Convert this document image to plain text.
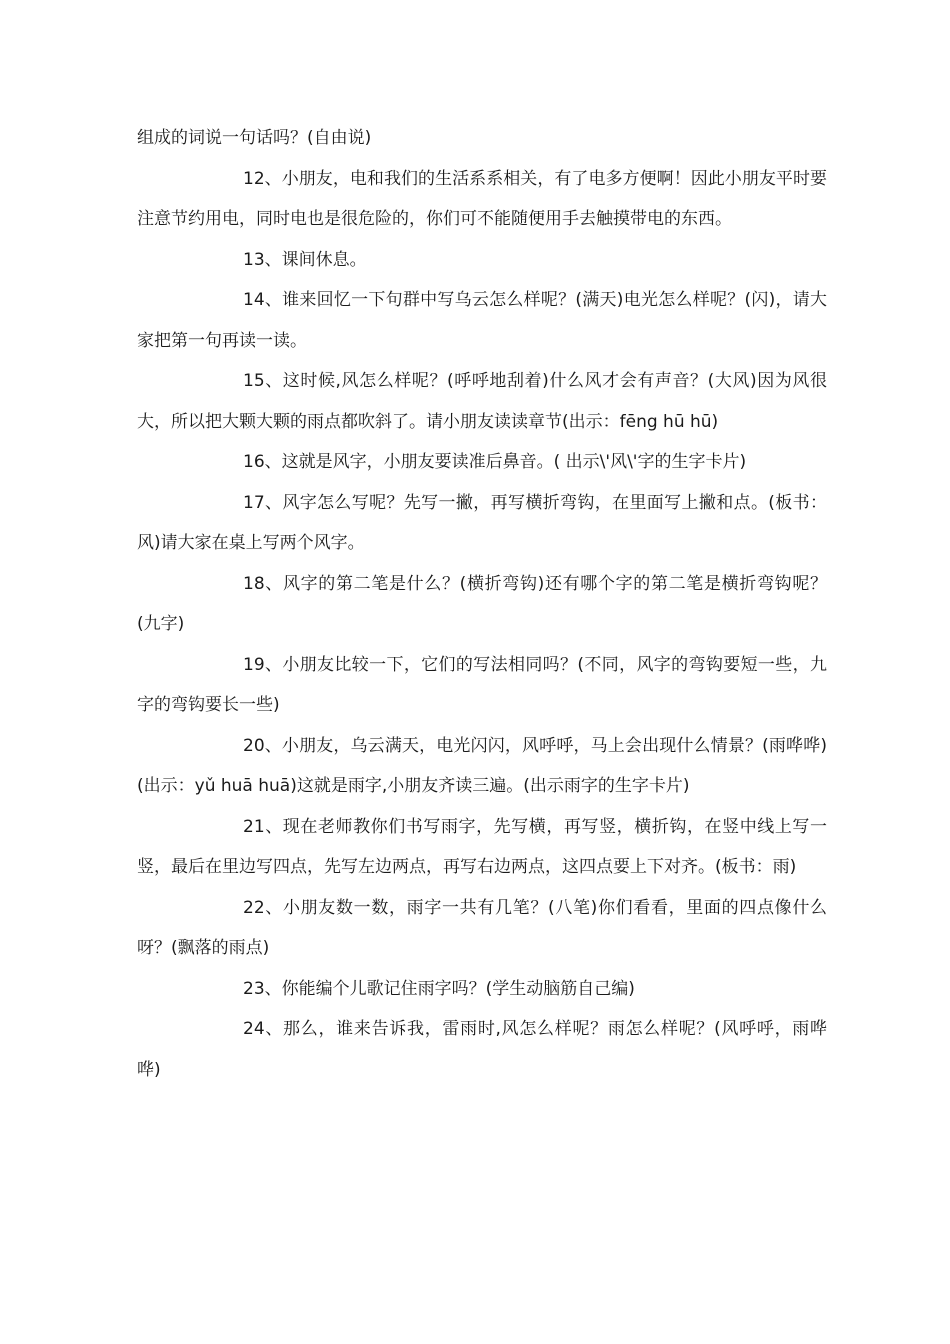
组成的词说一句话吗？(自由说)

12、小朋友，电和我们的生活系系相关，有了电多方便啊！因此小朋友平时要注意节约用电，同时电也是很危险的，你们可不能随便用手去触摸带电的东西。

13、课间休息。

14、谁来回忆一下句群中写乌云怎么样呢？(满天)电光怎么样呢？(闪)，请大家把第一句再读一读。

15、这时候,风怎么样呢？(呼呼地刮着)什么风才会有声音？(大风)因为风很大，所以把大颗大颗的雨点都吹斜了。请小朋友读读章节(出示：fēng hū hū)

16、这就是风字，小朋友要读准后鼻音。( 出示\'风\'字的生字卡片)

17、风字怎么写呢？先写一撇，再写横折弯钩，在里面写上撇和点。(板书：风)请大家在桌上写两个风字。

18、风字的第二笔是什么？(横折弯钩)还有哪个字的第二笔是横折弯钩呢？(九字)

19、小朋友比较一下，它们的写法相同吗？(不同，风字的弯钩要短一些，九字的弯钩要长一些)

20、小朋友，乌云满天，电光闪闪，风呼呼，马上会出现什么情景？(雨哗哗)(出示：yǔ huā huā)这就是雨字,小朋友齐读三遍。(出示雨字的生字卡片)

21、现在老师教你们书写雨字，先写横，再写竖，横折钩，在竖中线上写一竖，最后在里边写四点，先写左边两点，再写右边两点，这四点要上下对齐。(板书：雨)

22、小朋友数一数，雨字一共有几笔？(八笔)你们看看，里面的四点像什么呀？(飘落的雨点)

23、你能编个儿歌记住雨字吗？(学生动脑筋自己编)

24、那么，谁来告诉我，雷雨时,风怎么样呢？雨怎么样呢？(风呼呼，雨哗哗)
